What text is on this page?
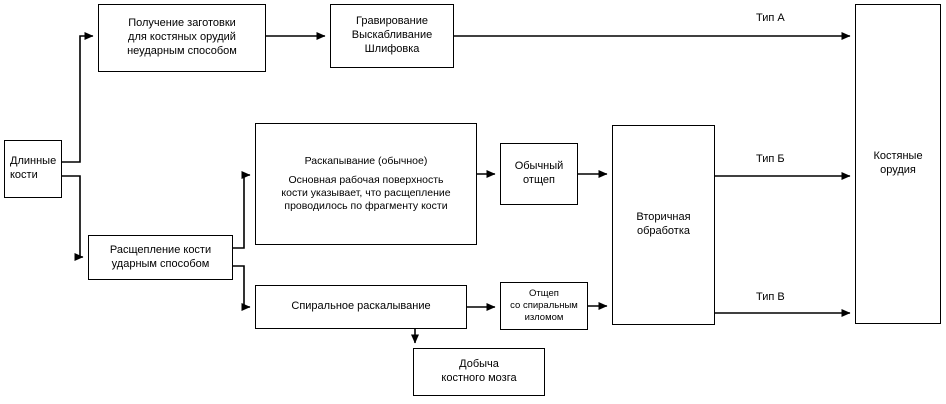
Длинные
кости
Получение заготовки
для костяных орудий
неударным способом
Гравирование
Выскабливание
Шлифовка
Расщепление кости
ударным способом
Раскапывание (обычное)

Основная рабочая поверхность
кости указывает, что расщепление
проводилось по фрагменту кости
Обычный
отщеп
Спиральное раскалывание
Отщеп
со спиральным
изломом
Добыча
костного мозга
Вторичная
обработка
Костяные
орудия
Тип А
Тип Б
Тип В
